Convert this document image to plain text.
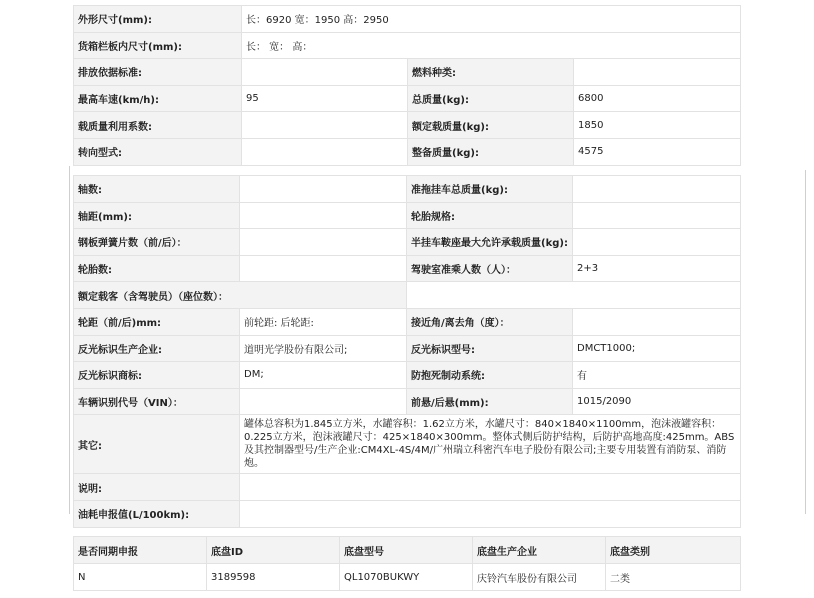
外形尺寸(mm):	长：6920 宽：1950 高：2950		
货箱栏板内尺寸(mm):	长： 宽： 高：		
排放依据标准:		燃料种类:	
最高车速(km/h):	95	总质量(kg):	6800
载质量利用系数:		额定载质量(kg):	1850
转向型式:		整备质量(kg):	4575
轴数:		准拖挂车总质量(kg):	
轴距(mm):		轮胎规格:	
钢板弹簧片数（前/后）：		半挂车鞍座最大允许承载质量(kg):	
轮胎数:		驾驶室准乘人数（人）：	2+3
额定载客（含驾驶员）（座位数）：			
轮距（前/后)mm:	前轮距: 后轮距:	接近角/离去角（度）：	
反光标识生产企业:	道明光学股份有限公司;	反光标识型号:	DMCT1000;
反光标识商标:	DM;	防抱死制动系统:	有
车辆识别代号（VIN）：		前悬/后悬(mm):	1015/2090
其它:	罐体总容积为1.845立方米，水罐容积：1.62立方米，水罐尺寸：840×1840×1100mm，泡沫液罐容积：0.225立方米，泡沫液罐尺寸：425×1840×300mm。整体式侧后防护结构，后防护高地高度:425mm。ABS及其控制器型号/生产企业:CM4XL-4S/4M/广州瑞立科密汽车电子股份有限公司;主要专用装置有消防泵、消防炮。		
说明:			
油耗申报值(L/100km):			
是否同期申报	底盘ID	底盘型号	底盘生产企业	底盘类别
N	3189598	QL1070BUKWY	庆铃汽车股份有限公司	二类
